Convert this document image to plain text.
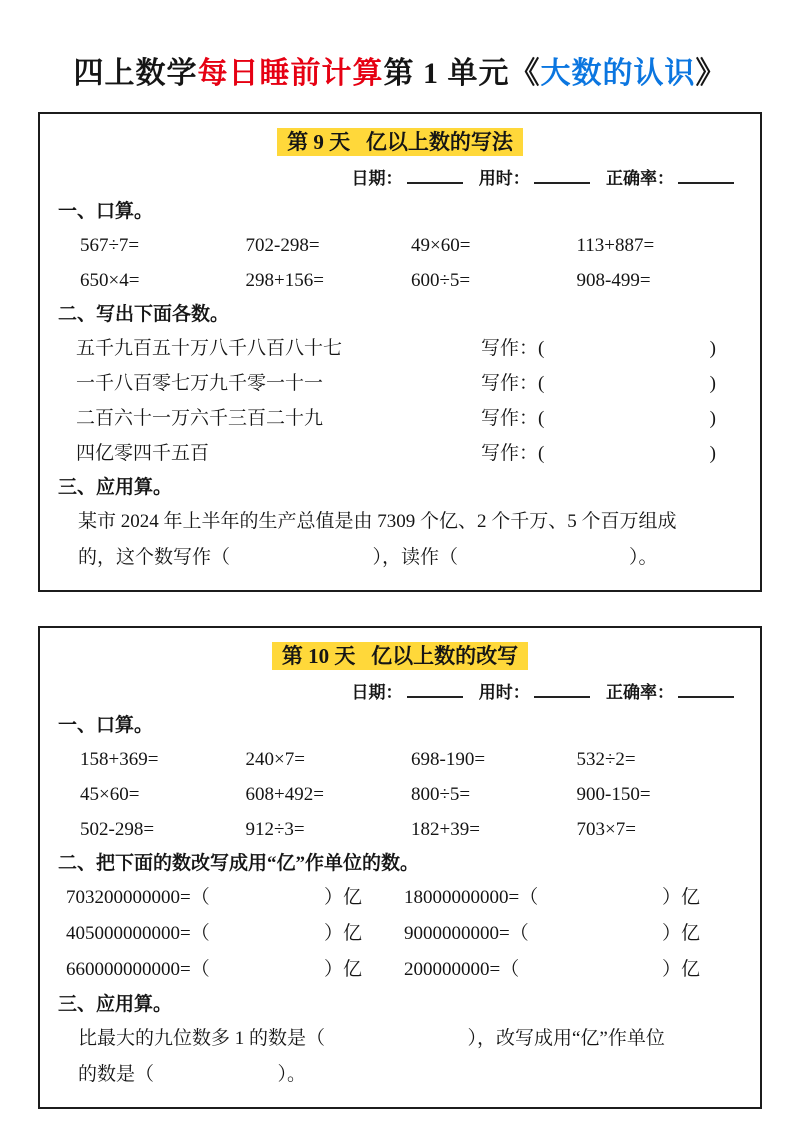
四上数学每日睡前计算第 1 单元《大数的认识》
第 9 天   亿以上数的写法
日期：	用时：	正确率：
一、口算。
567÷7=	702-298=	49×60=	113+887=
650×4=	298+156=	600÷5=	908-499=
二、写出下面各数。
五千九百五十万八千八百八十七	写作：(	)
一千八百零七万九千零一十一	写作：(	)
二百六十一万六千三百二十九	写作：(	)
四亿零四千五百	写作：(	)
三、应用算。
某市 2024 年上半年的生产总值是由 7309 个亿、2 个千万、5 个百万组成
的，这个数写作（                              ），读作（                                    ）。
第 10 天   亿以上数的改写
日期：	用时：	正确率：
一、口算。
158+369=	240×7=	698-190=	532÷2=
45×60=	608+492=	800÷5=	900-150=
502-298=	912÷3=	182+39=	703×7=
二、把下面的数改写成用“亿”作单位的数。
703200000000= （	）亿 18000000000= （	）亿
405000000000= （	）亿 9000000000= （	）亿
660000000000= （	）亿 200000000= （	）亿
三、应用算。
比最大的九位数多 1 的数是（                              ），改写成用“亿”作单位
的数是（                          ）。
